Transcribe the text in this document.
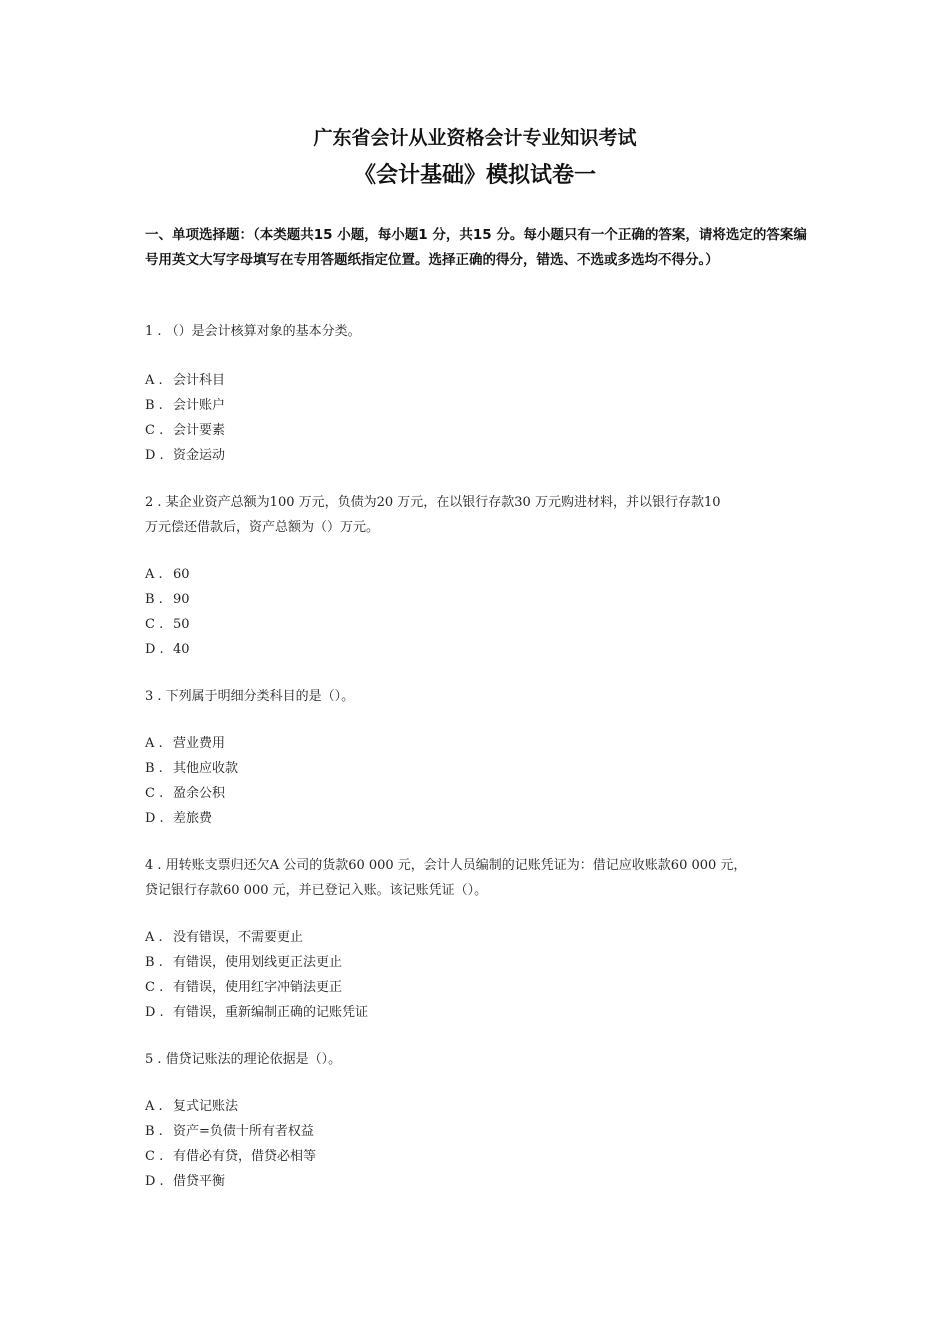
广东省会计从业资格会计专业知识考试
《会计基础》模拟试卷一
一、单项选择题：（本类题共15 小题，每小题1 分，共15 分。每小题只有一个正确的答案，请将选定的答案编号用英文大写字母填写在专用答题纸指定位置。选择正确的得分，错选、不选或多选均不得分。）
1 . （）是会计核算对象的基本分类。
A . 会计科目
B . 会计账户
C . 会计要素
D . 资金运动
2 . 某企业资产总额为100 万元，负债为20 万元，在以银行存款30 万元购进材料，并以银行存款10
万元偿还借款后，资产总额为（）万元。
A . 60
B . 90
C . 50
D . 40
3 . 下列属于明细分类科目的是（）。
A . 营业费用
B . 其他应收款
C . 盈余公积
D . 差旅费
4 . 用转账支票归还欠A 公司的货款60 000 元，会计人员编制的记账凭证为：借记应收账款60 000 元，
贷记银行存款60 000 元，并已登记入账。该记账凭证（）。
A . 没有错误，不需要更止
B . 有错误，使用划线更正法更止
C . 有错误，使用红字冲销法更正
D . 有错误，重新编制正确的记账凭证
5 . 借贷记账法的理论依据是（）。
A . 复式记账法
B . 资产=负债十所有者权益
C . 有借必有贷，借贷必相等
D . 借贷平衡
